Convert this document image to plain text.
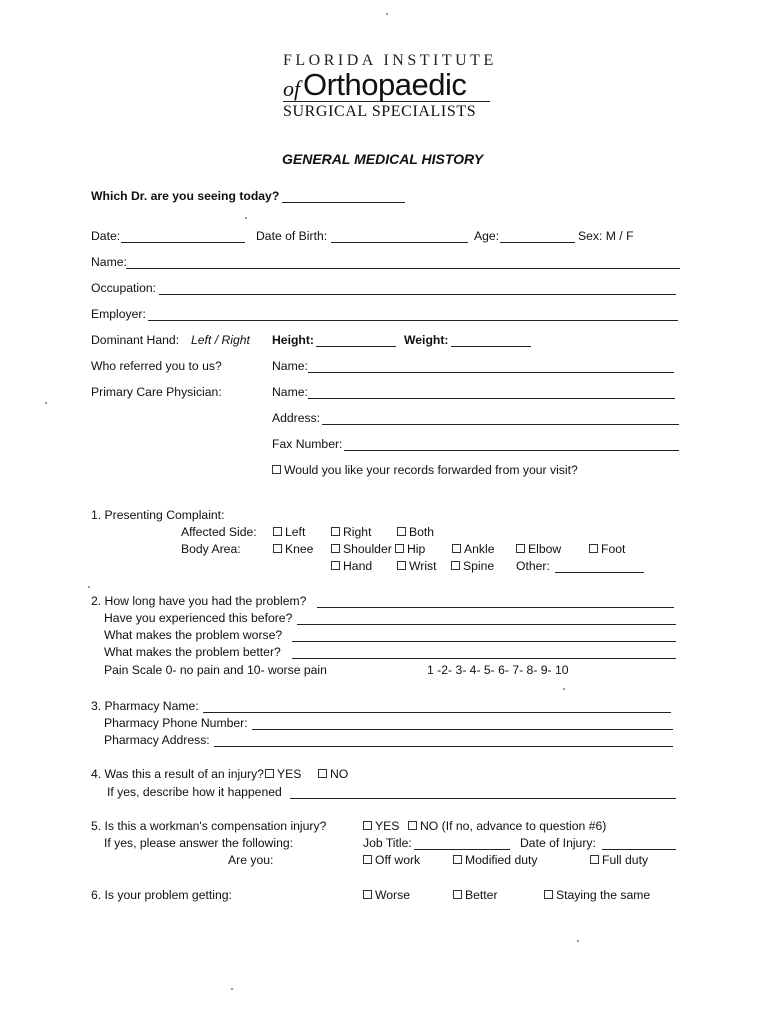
FLORIDA INSTITUTE
of Orthopaedic
SURGICAL SPECIALISTS
GENERAL MEDICAL HISTORY
Which Dr. are you seeing today?
Date:	Date of Birth:	Age:	Sex: M / F
Name:
Occupation:
Employer:
Dominant Hand: Left / Right Height:	Weight:
Who referred you to us?	Name:
Primary Care Physician:	Name:
Address:
Fax Number:
Would you like your records forwarded from your visit?
1. Presenting Complaint:
Affected Side:	Left	Right	Both
Body Area:	Knee	Shoulder	Hip	Ankle	Elbow	Foot
Hand	Wrist	Spine Other:
2. How long have you had the problem?
Have you experienced this before?
What makes the problem worse?
What makes the problem better?
Pain Scale 0- no pain and 10- worse pain	1 -2- 3- 4- 5- 6- 7- 8- 9- 10
3. Pharmacy Name:
Pharmacy Phone Number:
Pharmacy Address:
4. Was this a result of an injury? YES	NO
If yes, describe how it happened
5. Is this a workman's compensation injury?	YES	NO (If no, advance to question #6)
If yes, please answer the following:	Job Title:	Date of Injury:
Are you:	Off work	Modified duty	Full duty
6. Is your problem getting:	Worse	Better	Staying the same
